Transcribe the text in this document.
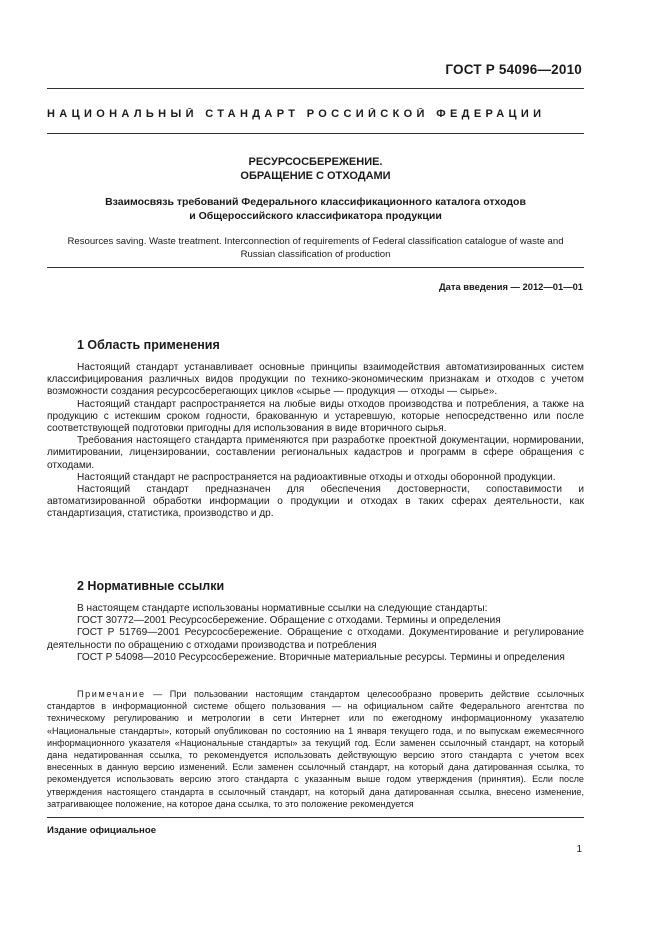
ГОСТ Р 54096—2010
НАЦИОНАЛЬНЫЙ СТАНДАРТ РОССИЙСКОЙ ФЕДЕРАЦИИ
РЕСУРСОСБЕРЕЖЕНИЕ.
ОБРАЩЕНИЕ С ОТХОДАМИ
Взаимосвязь требований Федерального классификационного каталога отходов
и Общероссийского классификатора продукции
Resources saving. Waste treatment. Interconnection of requirements of Federal classification catalogue of waste and
Russian classification of production
Дата введения — 2012—01—01
1 Область применения

Настоящий стандарт устанавливает основные принципы взаимодействия автоматизированных систем классифицирования различных видов продукции по технико-экономическим признакам и отходов с учетом возможности создания ресурсосберегающих циклов «сырье — продукция — отходы — сырье».

Настоящий стандарт распространяется на любые виды отходов производства и потребления, а также на продукцию с истекшим сроком годности, бракованную и устаревшую, которые непосредственно или после соответствующей подготовки пригодны для использования в виде вторичного сырья.

Требования настоящего стандарта применяются при разработке проектной документации, нормировании, лимитировании, лицензировании, составлении региональных кадастров и программ в сфере обращения с отходами.

Настоящий стандарт не распространяется на радиоактивные отходы и отходы оборонной продукции.

Настоящий стандарт предназначен для обеспечения достоверности, сопоставимости и автоматизированной обработки информации о продукции и отходах в таких сферах деятельности, как стандартизация, статистика, производство и др.

2 Нормативные ссылки

В настоящем стандарте использованы нормативные ссылки на следующие стандарты:

ГОСТ 30772—2001 Ресурсосбережение. Обращение с отходами. Термины и определения

ГОСТ Р 51769—2001 Ресурсосбережение. Обращение с отходами. Документирование и регулирование деятельности по обращению с отходами производства и потребления

ГОСТ Р 54098—2010 Ресурсосбережение. Вторичные материальные ресурсы. Термины и определения

Примечание — При пользовании настоящим стандартом целесообразно проверить действие ссылочных стандартов в информационной системе общего пользования — на официальном сайте Федерального агентства по техническому регулированию и метрологии в сети Интернет или по ежегодному информационному указателю «Национальные стандарты», который опубликован по состоянию на 1 января текущего года, и по выпускам ежемесячного информационного указателя «Национальные стандарты» за текущий год. Если заменен ссылочный стандарт, на который дана недатированная ссылка, то рекомендуется использовать действующую версию этого стандарта с учетом всех внесенных в данную версию изменений. Если заменен ссылочный стандарт, на который дана датированная ссылка, то рекомендуется использовать версию этого стандарта с указанным выше годом утверждения (принятия). Если после утверждения настоящего стандарта в ссылочный стандарт, на который дана датированная ссылка, внесено изменение, затрагивающее положение, на которое дана ссылка, то это положение рекомендуется
Издание официальное
1
